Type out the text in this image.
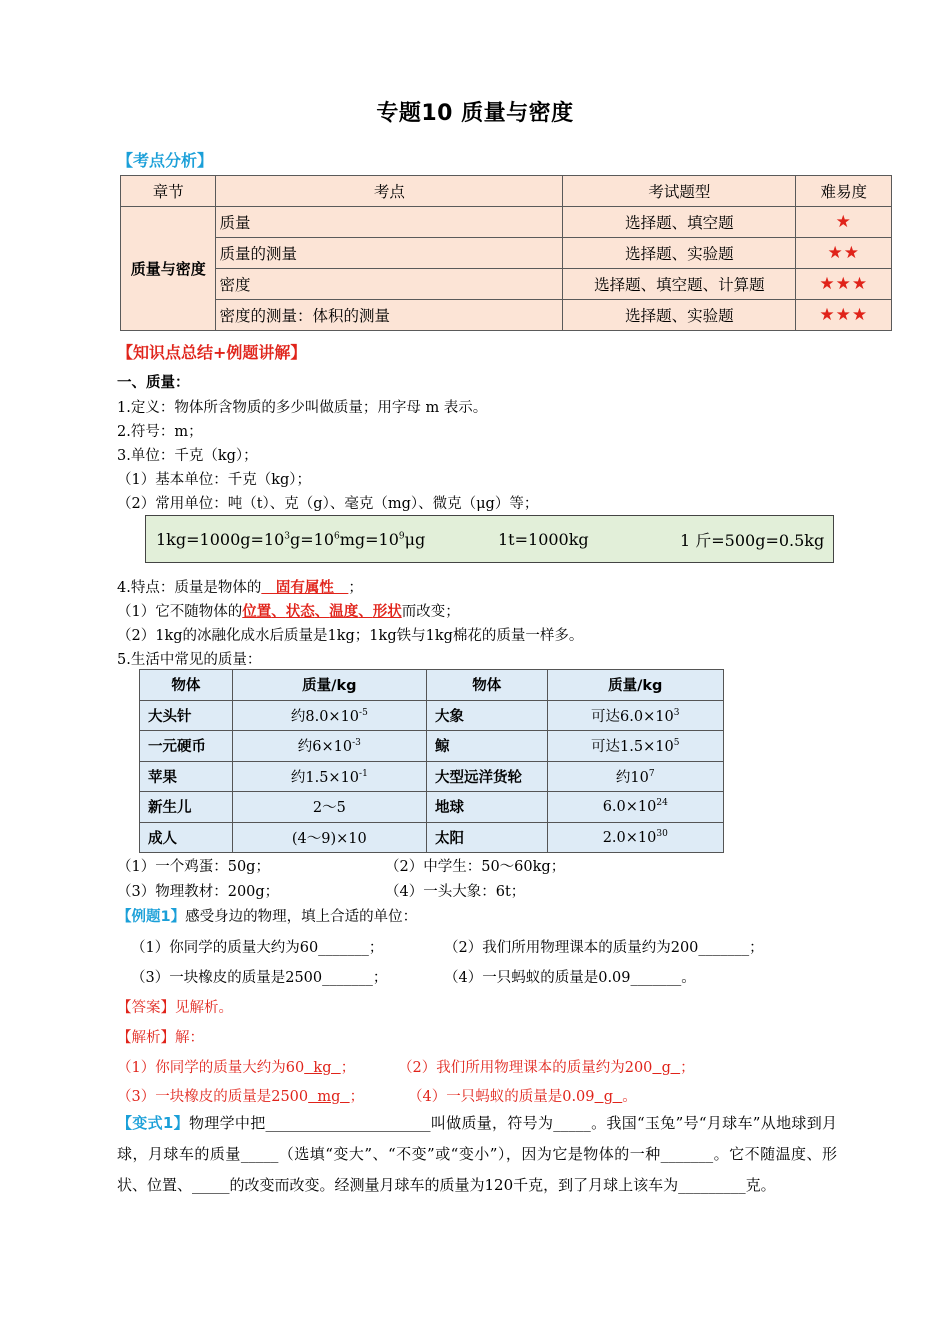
专题10 质量与密度
【考点分析】
章节	考点	考试题型	难易度
质量与密度	质量	选择题、填空题	★
	质量的测量	选择题、实验题	★★
	密度	选择题、填空题、计算题	★★★
	密度的测量：体积的测量	选择题、实验题	★★★
【知识点总结+例题讲解】
一、质量：
1.定义：物体所含物质的多少叫做质量；用字母 m 表示。
2.符号：m；
3.单位：千克（kg）；
（1）基本单位：千克（kg）；
（2）常用单位：吨（t）、克（g）、毫克（mg）、微克（μg）等；
$1kg=1000g=10^3g=10^6mg=10^9\mu g$	1t=1000kg	1 斤=500g=0.5kg
4.特点：质量是物体的　固有属性　；
（1）它不随物体的位置、状态、温度、形状而改变；
（2）1kg的冰融化成水后质量是1kg；1kg铁与1kg棉花的质量一样多。
5.生活中常见的质量：
物体	质量/kg	物体	质量/kg
大头针	约$8.0\times 10^{-5}$	大象	可达$6.0\times 10^3$
一元硬币	约$6\times 10^{-3}$	鲸	可达$1.5\times 10^5$
苹果	约$1.5\times 10^{-1}$	大型远洋货轮	约$10^7$
新生儿	2～5	地球	$6.0\times 10^{24}$
成人	(4～9)×10	太阳	$2.0\times 10^{30}$
（1）一个鸡蛋：50g；	（2）中学生：50～60kg；
（3）物理教材：200g；	（4）一头大象：6t；
【例题1】感受身边的物理，填上合适的单位：
（1）你同学的质量大约为60_______；	（2）我们所用物理课本的质量约为200_______；
（3）一块橡皮的质量是2500_______；	（4）一只蚂蚁的质量是0.09_______。
【答案】见解析。
【解析】解：
（1）你同学的质量大约为60  kg  ；	（2）我们所用物理课本的质量约为200  g  ；
（3）一块橡皮的质量是2500  mg  ；	（4）一只蚂蚁的质量是0.09  g  。
【变式1】物理学中把______________________叫做质量，符号为_____。我国“玉兔”号“月球车”从地球到月球，月球车的质量_____（选填“变大”、“不变”或“变小”），因为它是物体的一种_______。它不随温度、形状、位置、_____的改变而改变。经测量月球车的质量为120千克，到了月球上该车为_________克。
